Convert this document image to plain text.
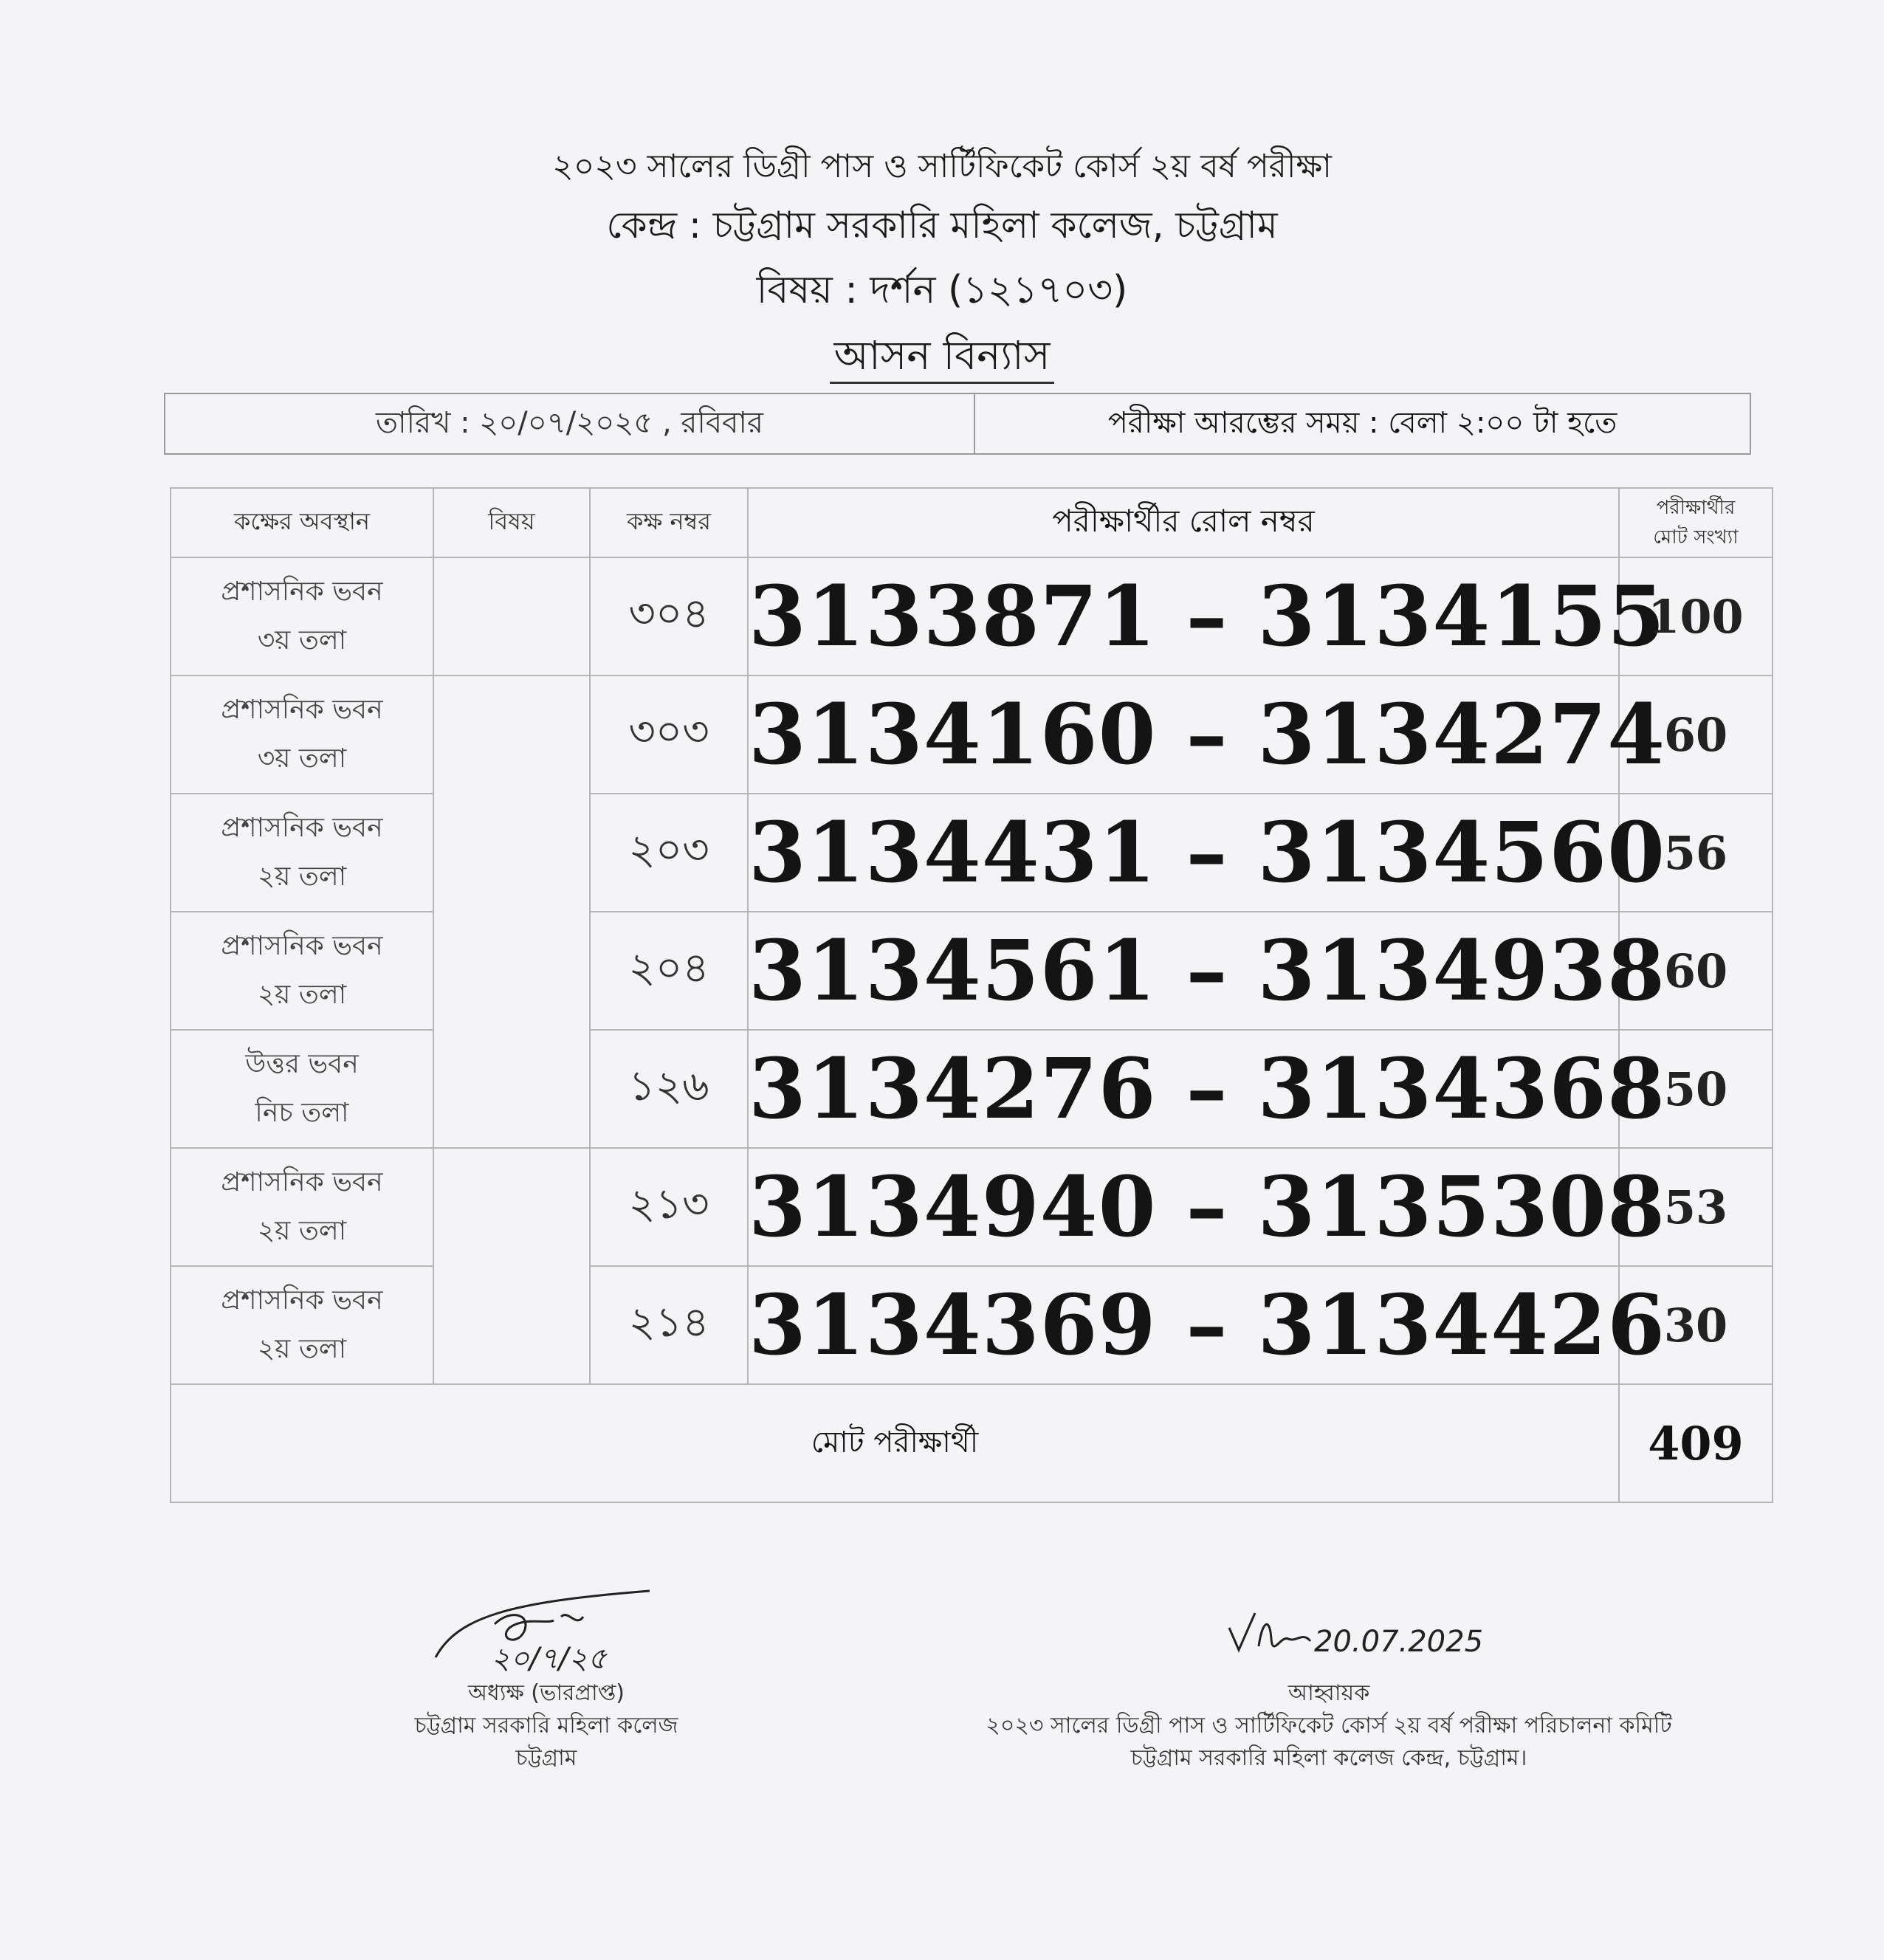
২০২৩ সালের ডিগ্রী পাস ও সার্টিফিকেট কোর্স ২য় বর্ষ পরীক্ষা
কেন্দ্র : চট্টগ্রাম সরকারি মহিলা কলেজ, চট্টগ্রাম
বিষয় : দর্শন (১২১৭০৩)
আসন বিন্যাস
তারিখ : ২০/০৭/২০২৫ , রবিবার	পরীক্ষা আরম্ভের সময় : বেলা ২:০০ টা হতে
কক্ষের অবস্থান	বিষয়	কক্ষ নম্বর	পরীক্ষার্থীর রোল নম্বর	পরীক্ষার্থীর
মোট সংখ্যা
প্রশাসনিক ভবন
৩য় তলা		৩০৪	3133871 – 3134155	100
প্রশাসনিক ভবন
৩য় তলা		৩০৩	3134160 – 3134274	60
প্রশাসনিক ভবন
২য় তলা		২০৩	3134431 – 3134560	56
প্রশাসনিক ভবন
২য় তলা		২০৪	3134561 – 3134938	60
উত্তর ভবন
নিচ তলা		১২৬	3134276 – 3134368	50
প্রশাসনিক ভবন
২য় তলা		২১৩	3134940 – 3135308	53
প্রশাসনিক ভবন
২য় তলা		২১৪	3134369 – 3134426	30
মোট পরীক্ষার্থী				409
২০/৭/২৫	20.07.2025
অধ্যক্ষ (ভারপ্রাপ্ত)
চট্টগ্রাম সরকারি মহিলা কলেজ
চট্টগ্রাম
আহ্বায়ক
২০২৩ সালের ডিগ্রী পাস ও সার্টিফিকেট কোর্স ২য় বর্ষ পরীক্ষা পরিচালনা কমিটি
চট্টগ্রাম সরকারি মহিলা কলেজ কেন্দ্র, চট্টগ্রাম।
